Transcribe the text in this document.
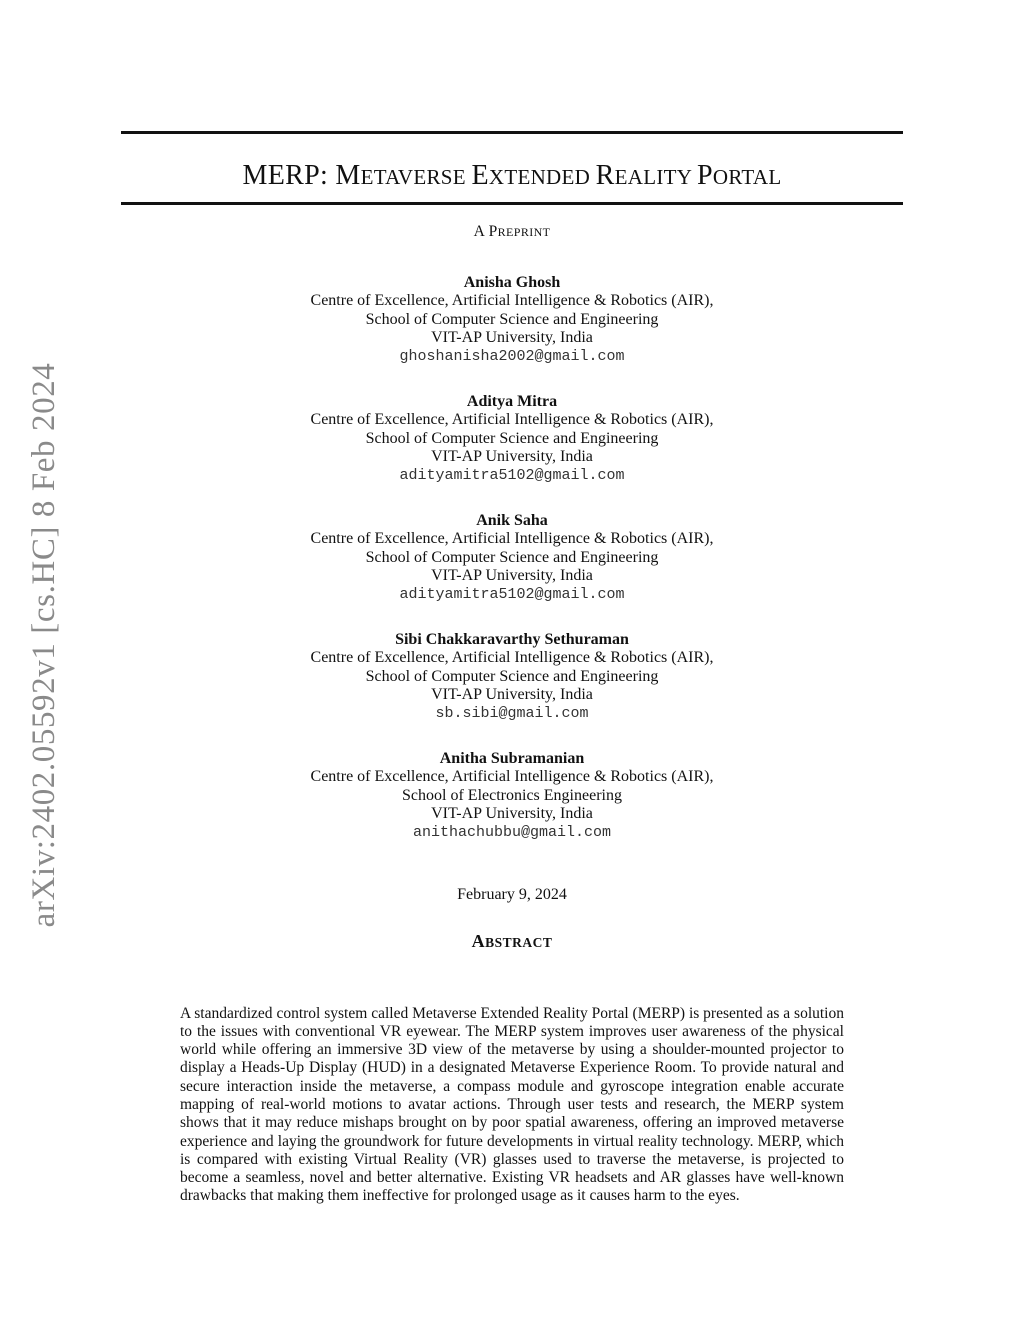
MERP: METAVERSE EXTENDED REALITY PORTAL
A PREPRINT
Anisha Ghosh
Centre of Excellence, Artificial Intelligence & Robotics (AIR),
School of Computer Science and Engineering
VIT-AP University, India
ghoshanisha2002@gmail.com
Aditya Mitra
Centre of Excellence, Artificial Intelligence & Robotics (AIR),
School of Computer Science and Engineering
VIT-AP University, India
adityamitra5102@gmail.com
Anik Saha
Centre of Excellence, Artificial Intelligence & Robotics (AIR),
School of Computer Science and Engineering
VIT-AP University, India
adityamitra5102@gmail.com
Sibi Chakkaravarthy Sethuraman
Centre of Excellence, Artificial Intelligence & Robotics (AIR),
School of Computer Science and Engineering
VIT-AP University, India
sb.sibi@gmail.com
Anitha Subramanian
Centre of Excellence, Artificial Intelligence & Robotics (AIR),
School of Electronics Engineering
VIT-AP University, India
anithachubbu@gmail.com
February 9, 2024
ABSTRACT

A standardized control system called Metaverse Extended Reality Portal (MERP) is presented as a solution to the issues with conventional VR eyewear. The MERP system improves user awareness of the physical world while offering an immersive 3D view of the metaverse by using a shoulder-mounted projector to display a Heads-Up Display (HUD) in a designated Metaverse Experience Room. To provide natural and secure interaction inside the metaverse, a compass module and gyroscope integration enable accurate mapping of real-world motions to avatar actions. Through user tests and research, the MERP system shows that it may reduce mishaps brought on by poor spatial awareness, offering an improved metaverse experience and laying the groundwork for future developments in virtual reality technology. MERP, which is compared with existing Virtual Reality (VR) glasses used to traverse the metaverse, is projected to become a seamless, novel and better alternative. Existing VR headsets and AR glasses have well-known drawbacks that making them ineffective for prolonged usage as it causes harm to the eyes.

arXiv:2402.05592v1 [cs.HC] 8 Feb 2024
